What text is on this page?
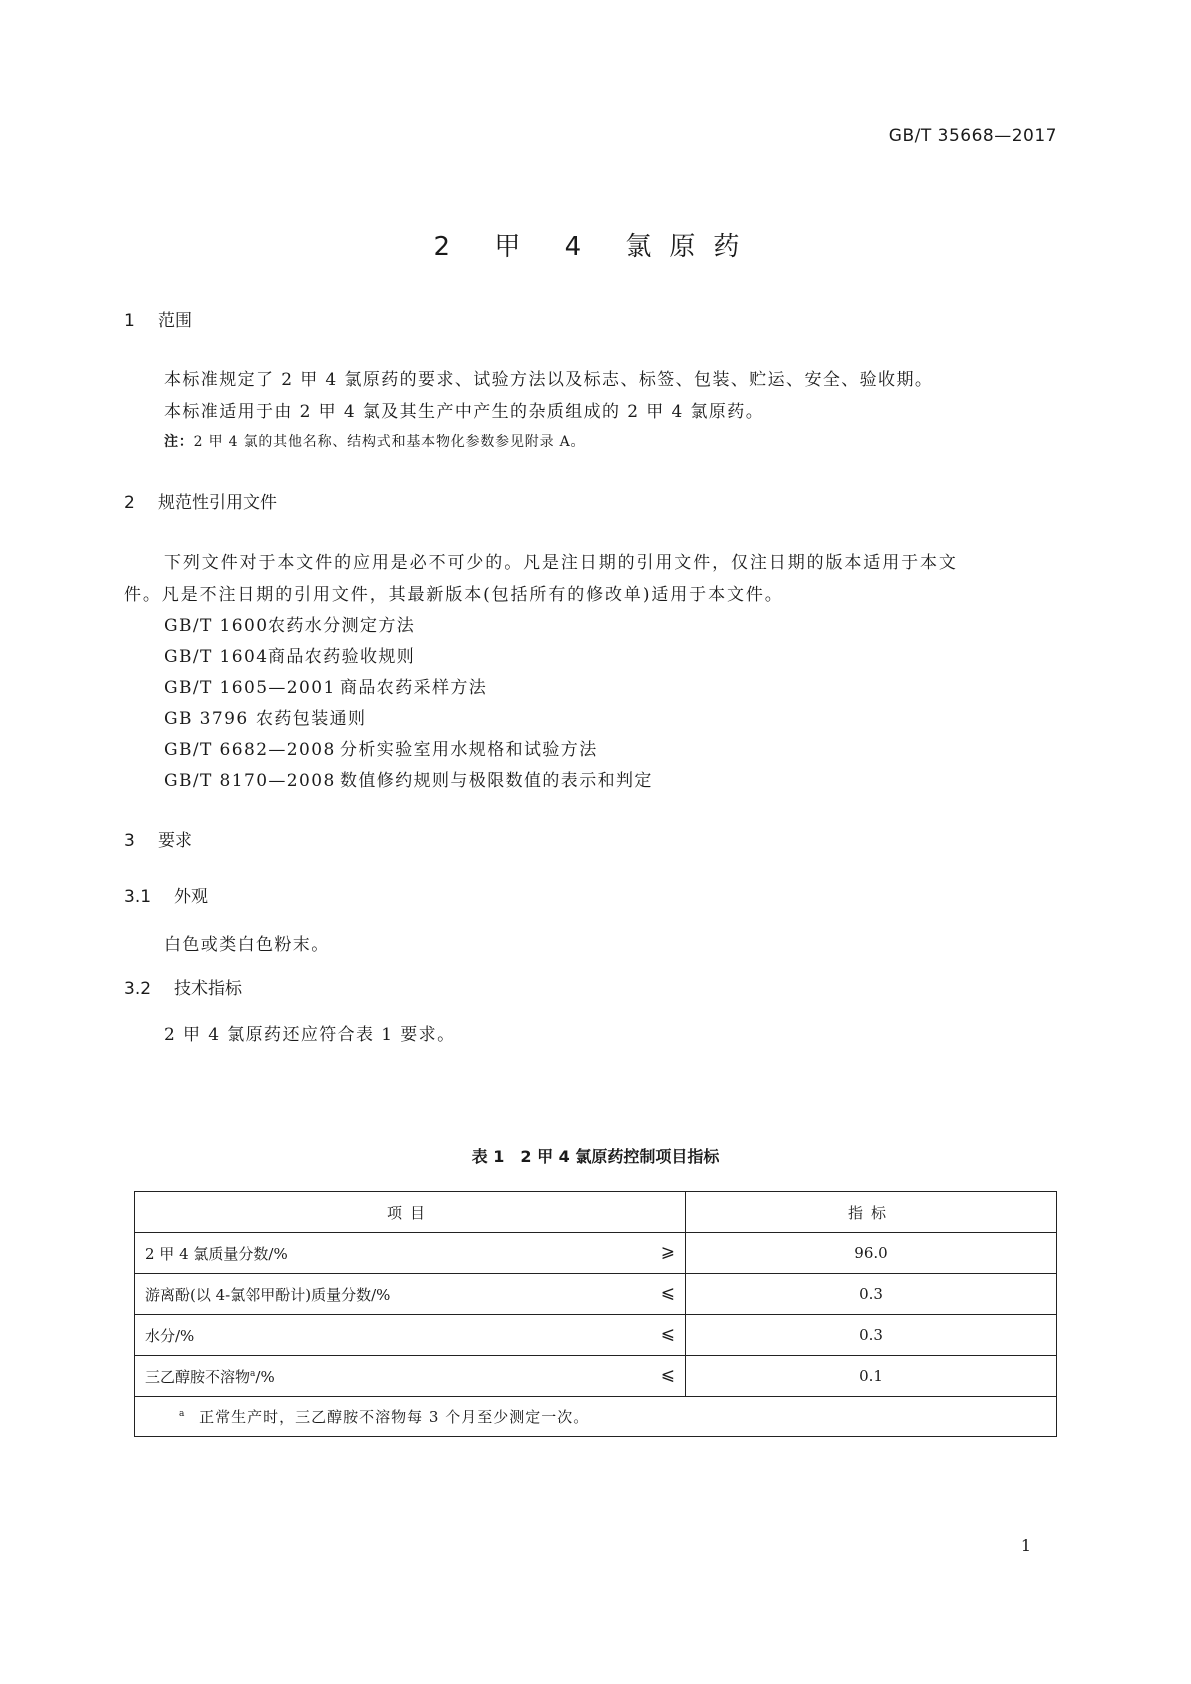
GB/T 35668—2017
2 甲 4 氯原药
1 范围
本标准规定了 2 甲 4 氯原药的要求、试验方法以及标志、标签、包装、贮运、安全、验收期。
本标准适用于由 2 甲 4 氯及其生产中产生的杂质组成的 2 甲 4 氯原药。
注：2 甲 4 氯的其他名称、结构式和基本物化参数参见附录 A。
2 规范性引用文件
下列文件对于本文件的应用是必不可少的。凡是注日期的引用文件，仅注日期的版本适用于本文
件。凡是不注日期的引用文件，其最新版本(包括所有的修改单)适用于本文件。
GB/T 1600农药水分测定方法
GB/T 1604商品农药验收规则
GB/T 1605—2001 商品农药采样方法
GB 3796 农药包装通则
GB/T 6682—2008 分析实验室用水规格和试验方法
GB/T 8170—2008 数值修约规则与极限数值的表示和判定
3 要求
3.1 外观
白色或类白色粉末。
3.2 技术指标
2 甲 4 氯原药还应符合表 1 要求。
表 1　2 甲 4 氯原药控制项目指标
项目	指标
2 甲 4 氯质量分数/% ⩾	96.0
游离酚(以 4-氯邻甲酚计)质量分数/% ⩽	0.3
水分/% ⩽	0.3
三乙醇胺不溶物$^a$/% ⩽	0.1
$^a$ 正常生产时，三乙醇胺不溶物每 3 个月至少测定一次。	
1
